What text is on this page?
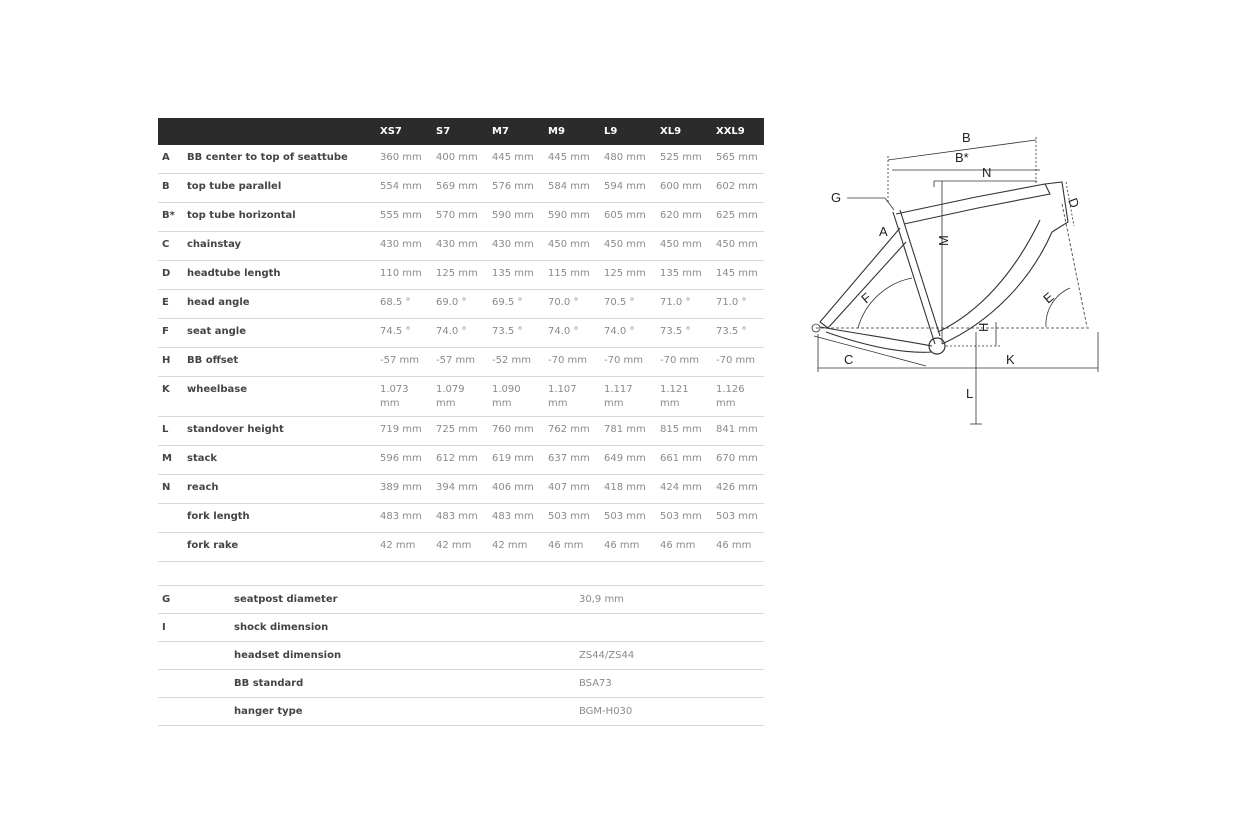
		XS7	S7	M7	M9	L9	XL9	XXL9
A	BB center to top of seattube	360 mm	400 mm	445 mm	445 mm	480 mm	525 mm	565 mm
B	top tube parallel	554 mm	569 mm	576 mm	584 mm	594 mm	600 mm	602 mm
B*	top tube horizontal	555 mm	570 mm	590 mm	590 mm	605 mm	620 mm	625 mm
C	chainstay	430 mm	430 mm	430 mm	450 mm	450 mm	450 mm	450 mm
D	headtube length	110 mm	125 mm	135 mm	115 mm	125 mm	135 mm	145 mm
E	head angle	68.5 °	69.0 °	69.5 °	70.0 °	70.5 °	71.0 °	71.0 °
F	seat angle	74.5 °	74.0 °	73.5 °	74.0 °	74.0 °	73.5 °	73.5 °
H	BB offset	-57 mm	-57 mm	-52 mm	-70 mm	-70 mm	-70 mm	-70 mm
K	wheelbase	1.073 mm	1.079 mm	1.090 mm	1.107 mm	1.117 mm	1.121 mm	1.126 mm
L	standover height	719 mm	725 mm	760 mm	762 mm	781 mm	815 mm	841 mm
M	stack	596 mm	612 mm	619 mm	637 mm	649 mm	661 mm	670 mm
N	reach	389 mm	394 mm	406 mm	407 mm	418 mm	424 mm	426 mm
	fork length	483 mm	483 mm	483 mm	503 mm	503 mm	503 mm	503 mm
	fork rake	42 mm	42 mm	42 mm	46 mm	46 mm	46 mm	46 mm
G	seatpost diameter	30,9 mm
I	shock dimension	
	headset dimension	ZS44/ZS44
	BB standard	BSA73
	hanger type	BGM-H030
B
B*
N
G	D
A
M
F	E
H
C	K
L
